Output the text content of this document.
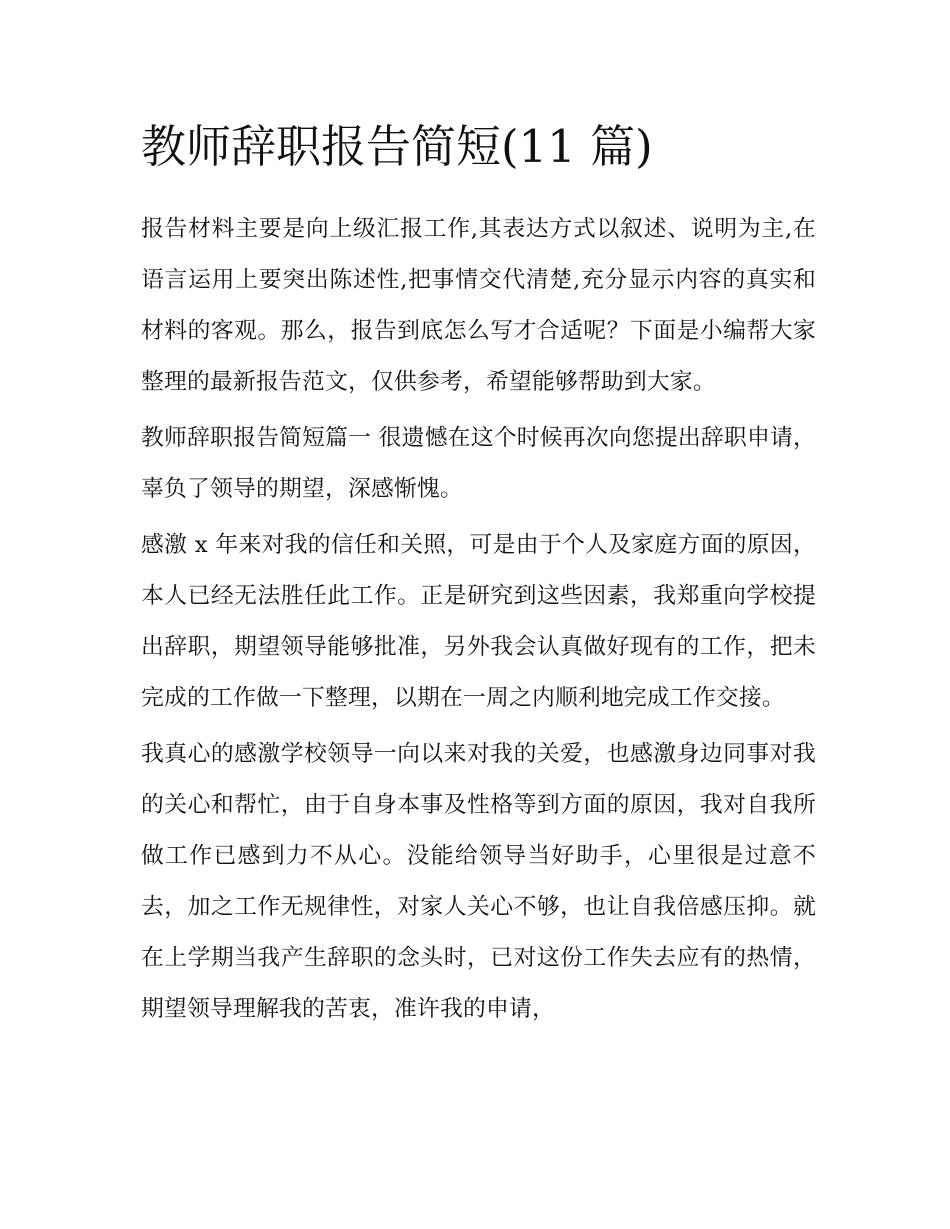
教师辞职报告简短(11 篇)

报告材料主要是向上级汇报工作,其表达方式以叙述、说明为主,在语言运用上要突出陈述性,把事情交代清楚,充分显示内容的真实和材料的客观。那么，报告到底怎么写才合适呢？下面是小编帮大家整理的最新报告范文，仅供参考，希望能够帮助到大家。

教师辞职报告简短篇一 很遗憾在这个时候再次向您提出辞职申请，辜负了领导的期望，深感惭愧。

感激 x 年来对我的信任和关照，可是由于个人及家庭方面的原因，本人已经无法胜任此工作。正是研究到这些因素，我郑重向学校提出辞职，期望领导能够批准，另外我会认真做好现有的工作，把未完成的工作做一下整理，以期在一周之内顺利地完成工作交接。

我真心的感激学校领导一向以来对我的关爱，也感激身边同事对我的关心和帮忙，由于自身本事及性格等到方面的原因，我对自我所做工作已感到力不从心。没能给领导当好助手，心里很是过意不去，加之工作无规律性，对家人关心不够，也让自我倍感压抑。就在上学期当我产生辞职的念头时，已对这份工作失去应有的热情，期望领导理解我的苦衷，准许我的申请，
